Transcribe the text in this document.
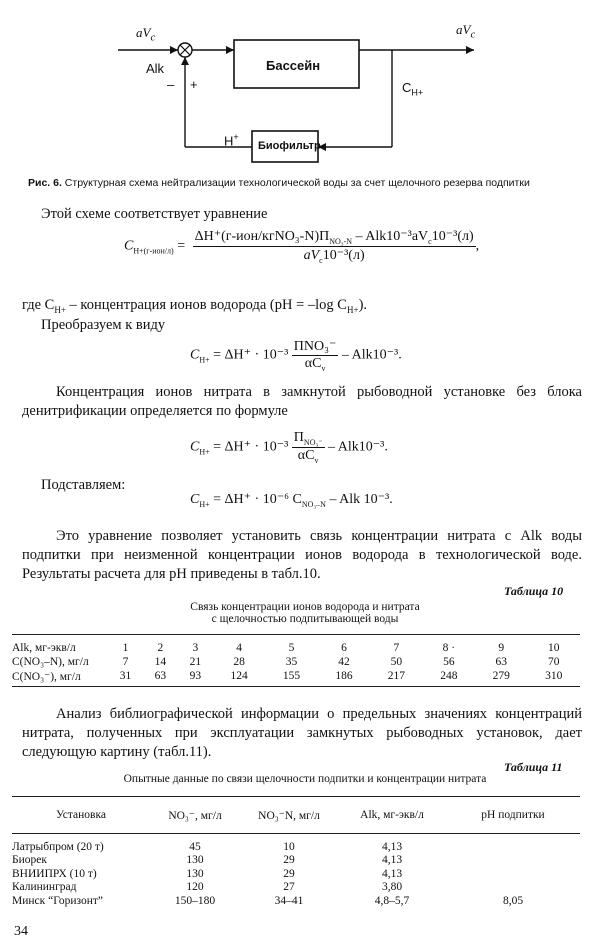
$aV_c$
$aV_c$
Alk
– +
Бассейн
$C_{H+}$
H+
Биофильтр
Рис. 6. Структурная схема нейтрализации технологической воды за счет щелочного резерва подпитки
Этой схеме соответствует уравнение
$C_{H+(г-ион/л)} = \frac{\Delta H^+(г-ион/кгNO_3-N)П_{NO_3-N} - Alk10^{-3}aV_c10^{-3}(л)}{aV_c10^{-3}(л)}$ ,
где $C_{H+}$ – концентрация ионов водорода (pH = –log $C_{H+}$).
Преобразуем к виду
$C_{H+} = \Delta H^+ \cdot 10^{-3} \frac{\text{ПNO₃⁻}}{\alpha C_v} - Alk10^{-3}$.
Концентрация ионов нитрата в замкнутой рыбоводной установке без блока денитрификации определяется по формуле
$C_{H+} = \Delta H^+ \cdot 10^{-3} \frac{П_{NO_3^-}}{\alpha C_v} - Alk10^{-3}$.
Подставляем:
$C_{H+} = \Delta H^+ \cdot 10^{-6}$ $C_{NO_3-N}$ – Alk 10⁻³.
Это уравнение позволяет установить связь концентрации нитрата с Alk воды подпитки при неизменной концентрации ионов водорода в технологической воде. Результаты расчета для pH приведены в табл.10.
Таблица 10
Связь концентрации ионов водорода и нитрата
с щелочностью подпитывающей воды
Alk, мг-экв/л	1	2	3	4	5	6	7	8 ·	9	10
C(NO₃–N), мг/л	7	14	21	28	35	42	50	56	63	70
C(NO₃⁻), мг/л	31	63	93	124	155	186	217	248	279	310
Анализ библиографической информации о предельных значениях концентраций нитрата, полученных при эксплуатации замкнутых рыбоводных установок, дает следующую картину (табл.11).
Таблица 11
Опытные данные по связи щелочности подпитки и концентрации нитрата
Установка	NO₃⁻, мг/л	NO₃⁻N, мг/л	Alk, мг-экв/л	pH подпитки

Латрыбпром (20 т)	45	10	4,13	
Биорек	130	29	4,13	
ВНИИПРХ (10 т)	130	29	4,13	
Калининград	120	27	3,80	
Минск “Горизонт”	150–180	34–41	4,8–5,7	8,05
34
